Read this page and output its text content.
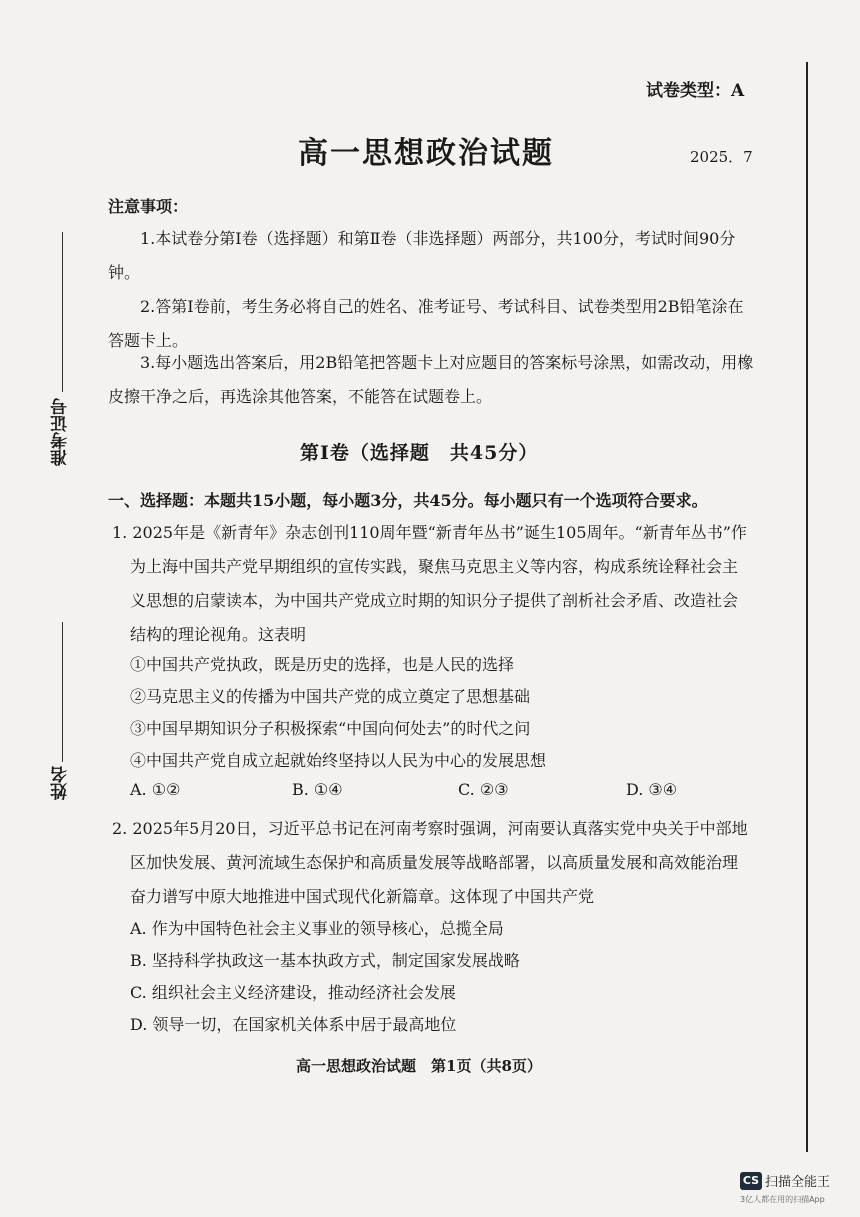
准考证号
姓名
试卷类型：A
高一思想政治试题	2025．7
注意事项：
1.本试卷分第Ⅰ卷（选择题）和第Ⅱ卷（非选择题）两部分，共100分，考试时间90分钟。
2.答第Ⅰ卷前，考生务必将自己的姓名、准考证号、考试科目、试卷类型用2B铅笔涂在答题卡上。
3.每小题选出答案后，用2B铅笔把答题卡上对应题目的答案标号涂黑，如需改动，用橡皮擦干净之后，再选涂其他答案，不能答在试题卷上。
第Ⅰ卷（选择题　共45分）
一、选择题：本题共15小题，每小题3分，共45分。每小题只有一个选项符合要求。
1. 2025年是《新青年》杂志创刊110周年暨“新青年丛书”诞生105周年。“新青年丛书”作
为上海中国共产党早期组织的宣传实践，聚焦马克思主义等内容，构成系统诠释社会主
义思想的启蒙读本，为中国共产党成立时期的知识分子提供了剖析社会矛盾、改造社会
结构的理论视角。这表明
①中国共产党执政，既是历史的选择，也是人民的选择
②马克思主义的传播为中国共产党的成立奠定了思想基础
③中国早期知识分子积极探索“中国向何处去”的时代之问
④中国共产党自成立起就始终坚持以人民为中心的发展思想
A. ①②	B. ①④	C. ②③	D. ③④
2. 2025年5月20日，习近平总书记在河南考察时强调，河南要认真落实党中央关于中部地
区加快发展、黄河流域生态保护和高质量发展等战略部署，以高质量发展和高效能治理
奋力谱写中原大地推进中国式现代化新篇章。这体现了中国共产党
A. 作为中国特色社会主义事业的领导核心，总揽全局
B. 坚持科学执政这一基本执政方式，制定国家发展战略
C. 组织社会主义经济建设，推动经济社会发展
D. 领导一切，在国家机关体系中居于最高地位
高一思想政治试题　第1页（共8页）
CS 扫描全能王
3亿人都在用的扫描App
